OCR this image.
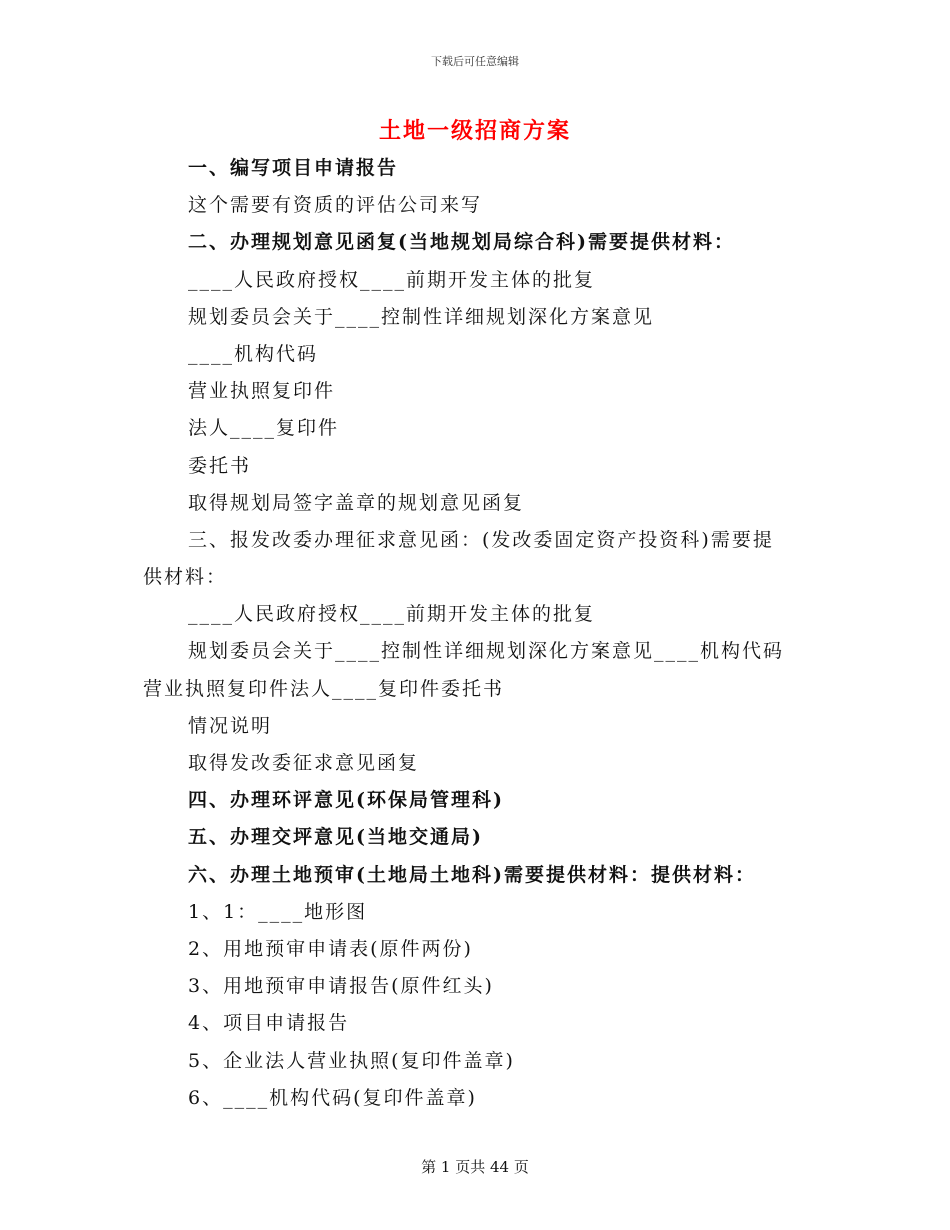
下载后可任意编辑
土地一级招商方案
一、编写项目申请报告
这个需要有资质的评估公司来写
二、办理规划意见函复(当地规划局综合科)需要提供材料：
____人民政府授权____前期开发主体的批复
规划委员会关于____控制性详细规划深化方案意见
____机构代码
营业执照复印件
法人____复印件
委托书
取得规划局签字盖章的规划意见函复
三、报发改委办理征求意见函：(发改委固定资产投资科)需要提
供材料：
____人民政府授权____前期开发主体的批复
规划委员会关于____控制性详细规划深化方案意见____机构代码
营业执照复印件法人____复印件委托书
情况说明
取得发改委征求意见函复
四、办理环评意见(环保局管理科)
五、办理交坪意见(当地交通局)
六、办理土地预审(土地局土地科)需要提供材料：提供材料：
1、1：____地形图
2、用地预审申请表(原件两份)
3、用地预审申请报告(原件红头)
4、项目申请报告
5、企业法人营业执照(复印件盖章)
6、____机构代码(复印件盖章)
第 1 页共 44 页
